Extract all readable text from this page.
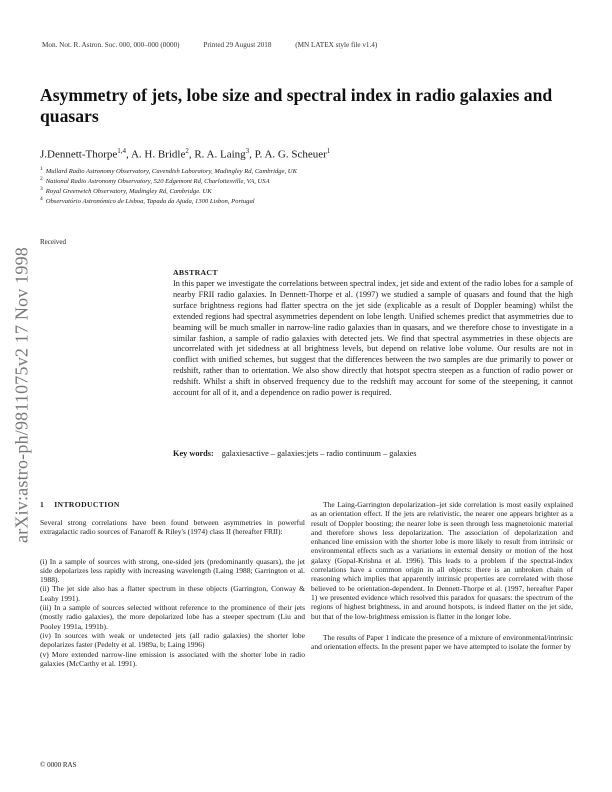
Mon. Not. R. Astron. Soc. 000, 000–000 (0000)	Printed 29 August 2018	(MN LATEX style file v1.4)
arXiv:astro-ph/9811075v2 17 Nov 1998
Asymmetry of jets, lobe size and spectral index in radio galaxies and quasars
J.Dennett-Thorpe$^{1,4}$, A. H. Bridle$^2$, R. A. Laing$^3$, P. A. G. Scheuer$^1$
$^1$ Mullard Radio Astronomy Observatory, Cavendish Laboratory, Madingley Rd, Cambridge, UK
$^2$ National Radio Astronomy Observatory, 520 Edgemont Rd, Charlottesville, VA, USA
$^3$ Royal Greenwich Observatory, Madingley Rd, Cambridge. UK
$^4$ Observatório Astronómico de Lisboa, Tapada da Ajuda, 1300 Lisbon, Portugal
Received
ABSTRACT
In this paper we investigate the correlations between spectral index, jet side and extent of the radio lobes for a sample of nearby FRII radio galaxies. In Dennett-Thorpe et al. (1997) we studied a sample of quasars and found that the high surface brightness regions had flatter spectra on the jet side (explicable as a result of Doppler beaming) whilst the extended regions had spectral asymmetries dependent on lobe length. Unified schemes predict that asymmetries due to beaming will be much smaller in narrow-line radio galaxies than in quasars, and we therefore chose to investigate in a similar fashion, a sample of radio galaxies with detected jets. We find that spectral asymmetries in these objects are uncorrelated with jet sidedness at all brightness levels, but depend on relative lobe volume. Our results are not in conflict with unified schemes, but suggest that the differences between the two samples are due primarily to power or redshift, rather than to orientation. We also show directly that hotspot spectra steepen as a function of radio power or redshift. Whilst a shift in observed frequency due to the redshift may account for some of the steepening, it cannot account for all of it, and a dependence on radio power is required.
Key words: galaxiesactive – galaxies:jets – radio continuum – galaxies
1 INTRODUCTION

Several strong correlations have been found between asymmetries in powerful extragalactic radio sources of Fanaroff & Riley's (1974) class II (hereafter FRII):

(i) In a sample of sources with strong, one-sided jets (predominantly quasars), the jet side depolarizes less rapidly with increasing wavelength (Laing 1988; Garrington et al. 1988).

(ii) The jet side also has a flatter spectrum in these objects (Garrington, Conway & Leahy 1991).

(iii) In a sample of sources selected without reference to the prominence of their jets (mostly radio galaxies), the more depolarized lobe has a steeper spectrum (Liu and Pooley 1991a, 1991b).

(iv) In sources with weak or undetected jets (all radio galaxies) the shorter lobe depolarizes faster (Pedelty et al. 1989a, b; Laing 1996)

(v) More extended narrow-line emission is associated with the shorter lobe in radio galaxies (McCarthy et al. 1991).

The Laing-Garrington depolarization–jet side correlation is most easily explained as an orientation effect. If the jets are relativistic, the nearer one appears brighter as a result of Doppler boosting; the nearer lobe is seen through less magnetoionic material and therefore shows less depolarization. The association of depolarization and enhanced line emission with the shorter lobe is more likely to result from intrinsic or environmental effects such as a variations in external density or motion of the host galaxy (Gopal-Krishna et al. 1996). This leads to a problem if the spectral-index correlations have a common origin in all objects: there is an unbroken chain of reasoning which implies that apparently intrinsic properties are correlated with those believed to be orientation-dependent. In Dennett-Thorpe et al. (1997, hereafter Paper 1) we presented evidence which resolved this paradox for quasars: the spectrum of the regions of highest brightness, in and around hotspots, is indeed flatter on the jet side, but that of the low-brightness emission is flatter in the longer lobe.

The results of Paper 1 indicate the presence of a mixture of environmental/intrinsic and orientation effects. In the present paper we have attempted to isolate the former by

© 0000 RAS
